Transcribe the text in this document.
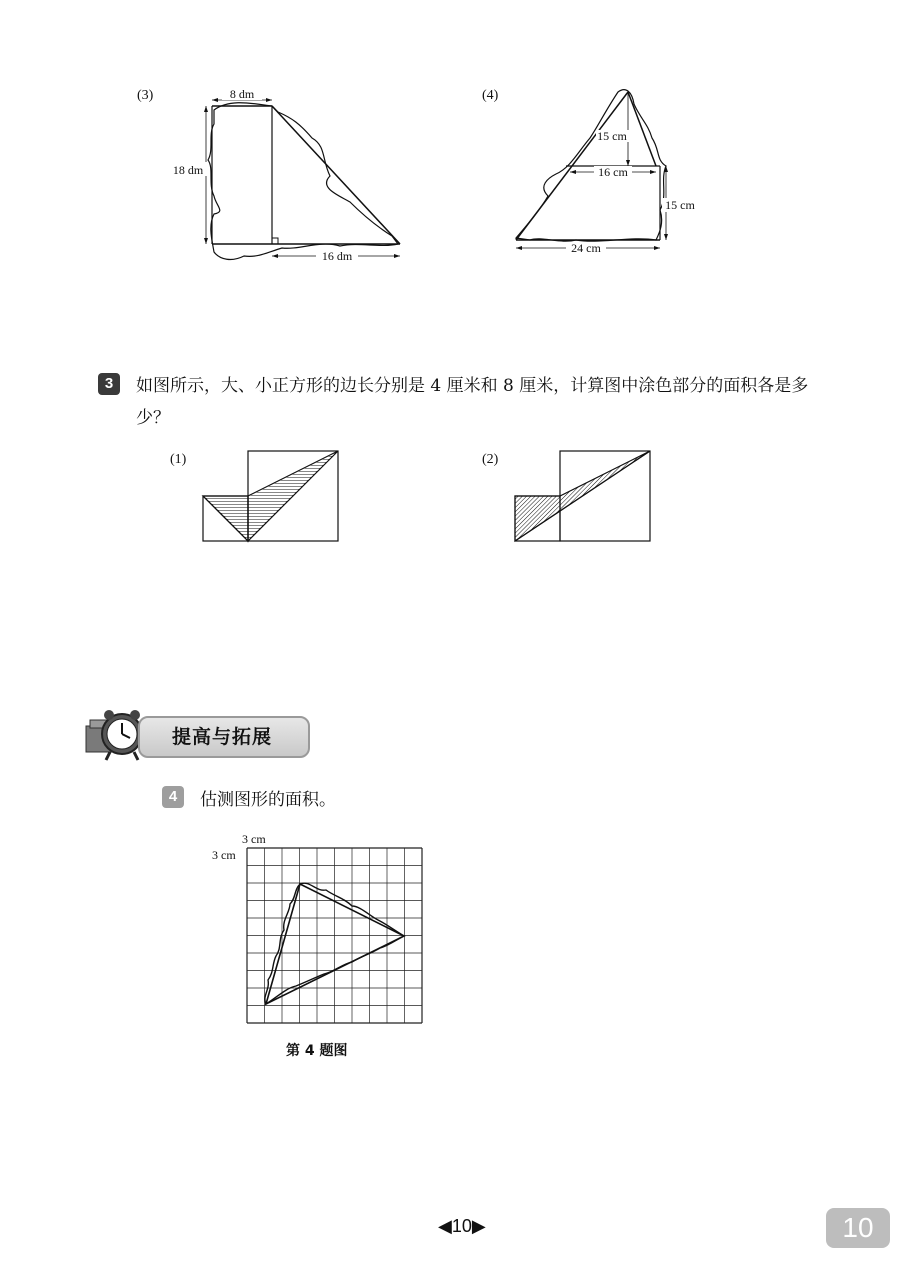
(3)	8 dm
18 dm
16 dm
(4)
15 cm
16 cm
15 cm
24 cm
3	如图所示，大、小正方形的边长分别是 4 厘米和 8 厘米，计算图中涂色部分的面积各是多少？
(1)	(2)
提高与拓展
4	估测图形的面积。
3 cm
3 cm
第 4 题图
◀10▶	10
